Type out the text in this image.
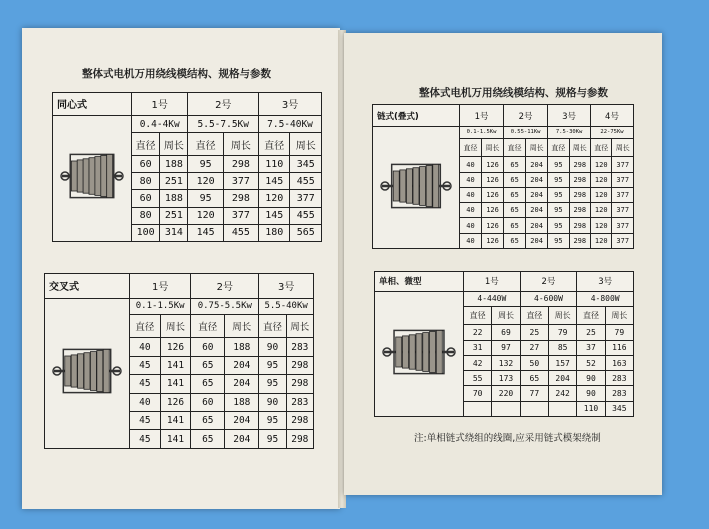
整体式电机万用绕线模结构、规格与参数
整体式电机万用绕线模结构、规格与参数
同心式	1号		2号		3号	
	0.4-4Kw		5.5-7.5Kw		7.5-40Kw	
	直径	周长	直径	周长	直径	周长
	60	188	95	298	110	345
	80	251	120	377	145	455
	60	188	95	298	120	377
	80	251	120	377	145	455
	100	314	145	455	180	565
交叉式	1号		2号		3号	
	0.1-1.5Kw		0.75-5.5Kw		5.5-40Kw	
	直径	周长	直径	周长	直径	周长
	40	126	60	188	90	283
	45	141	65	204	95	298
	45	141	65	204	95	298
	40	126	60	188	90	283
	45	141	65	204	95	298
	45	141	65	204	95	298
链式(叠式)	1号		2号		3号		4号	
	0.1-1.5Kw		0.55-11Kw		7.5-30Kw		22-75Kw	
	直径	周长	直径	周长	直径	周长	直径	周长
	40	126	65	204	95	298	120	377
	40	126	65	204	95	298	120	377
	40	126	65	204	95	298	120	377
	40	126	65	204	95	298	120	377
	40	126	65	204	95	298	120	377
	40	126	65	204	95	298	120	377
单相、微型	1号		2号		3号	
	4-440W		4-600W		4-800W	
	直径	周长	直径	周长	直径	周长
	22	69	25	79	25	79
	31	97	27	85	37	116
	42	132	50	157	52	163
	55	173	65	204	90	283
	70	220	77	242	90	283
					110	345
注:单相链式绕组的线圈,应采用链式模架绕制
